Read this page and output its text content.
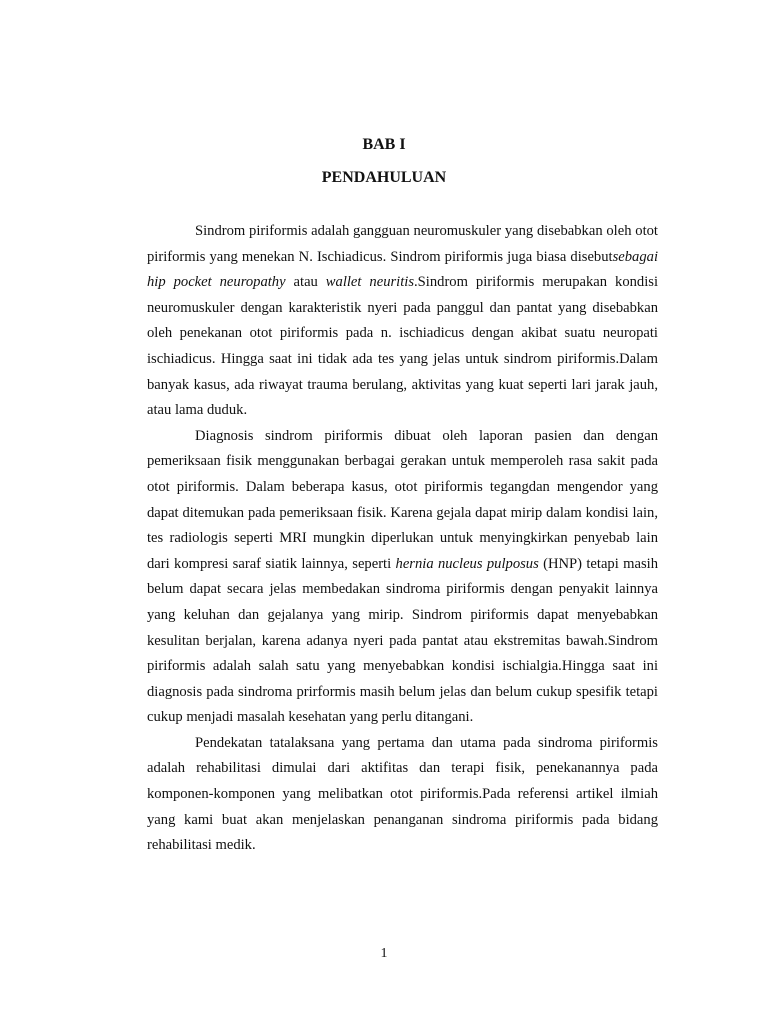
BAB I
PENDAHULUAN

Sindrom piriformis adalah gangguan neuromuskuler yang disebabkan oleh otot piriformis yang menekan N. Ischiadicus. Sindrom piriformis juga biasa disebutsebagai hip pocket neuropathy atau wallet neuritis.Sindrom piriformis merupakan kondisi neuromuskuler dengan karakteristik nyeri pada panggul dan pantat yang disebabkan oleh penekanan otot piriformis pada n. ischiadicus dengan akibat suatu neuropati ischiadicus. Hingga saat ini tidak ada tes yang jelas untuk sindrom piriformis.Dalam banyak kasus, ada riwayat trauma berulang, aktivitas yang kuat seperti lari jarak jauh, atau lama duduk.

Diagnosis sindrom piriformis dibuat oleh laporan pasien dan dengan pemeriksaan fisik menggunakan berbagai gerakan untuk memperoleh rasa sakit pada otot piriformis. Dalam beberapa kasus, otot piriformis tegangdan mengendor yang dapat ditemukan pada pemeriksaan fisik. Karena gejala dapat mirip dalam kondisi lain, tes radiologis seperti MRI mungkin diperlukan untuk menyingkirkan penyebab lain dari kompresi saraf siatik lainnya, seperti hernia nucleus pulposus (HNP) tetapi masih belum dapat secara jelas membedakan sindroma piriformis dengan penyakit lainnya yang keluhan dan gejalanya yang mirip. Sindrom piriformis dapat menyebabkan kesulitan berjalan, karena adanya nyeri pada pantat atau ekstremitas bawah.Sindrom piriformis adalah salah satu yang menyebabkan kondisi ischialgia.Hingga saat ini diagnosis pada sindroma prirformis masih belum jelas dan belum cukup spesifik tetapi cukup menjadi masalah kesehatan yang perlu ditangani.

Pendekatan tatalaksana yang pertama dan utama pada sindroma piriformis adalah rehabilitasi dimulai dari aktifitas dan terapi fisik, penekanannya pada komponen-komponen yang melibatkan otot piriformis.Pada referensi artikel ilmiah yang kami buat akan menjelaskan penanganan sindroma piriformis pada bidang rehabilitasi medik.

1
